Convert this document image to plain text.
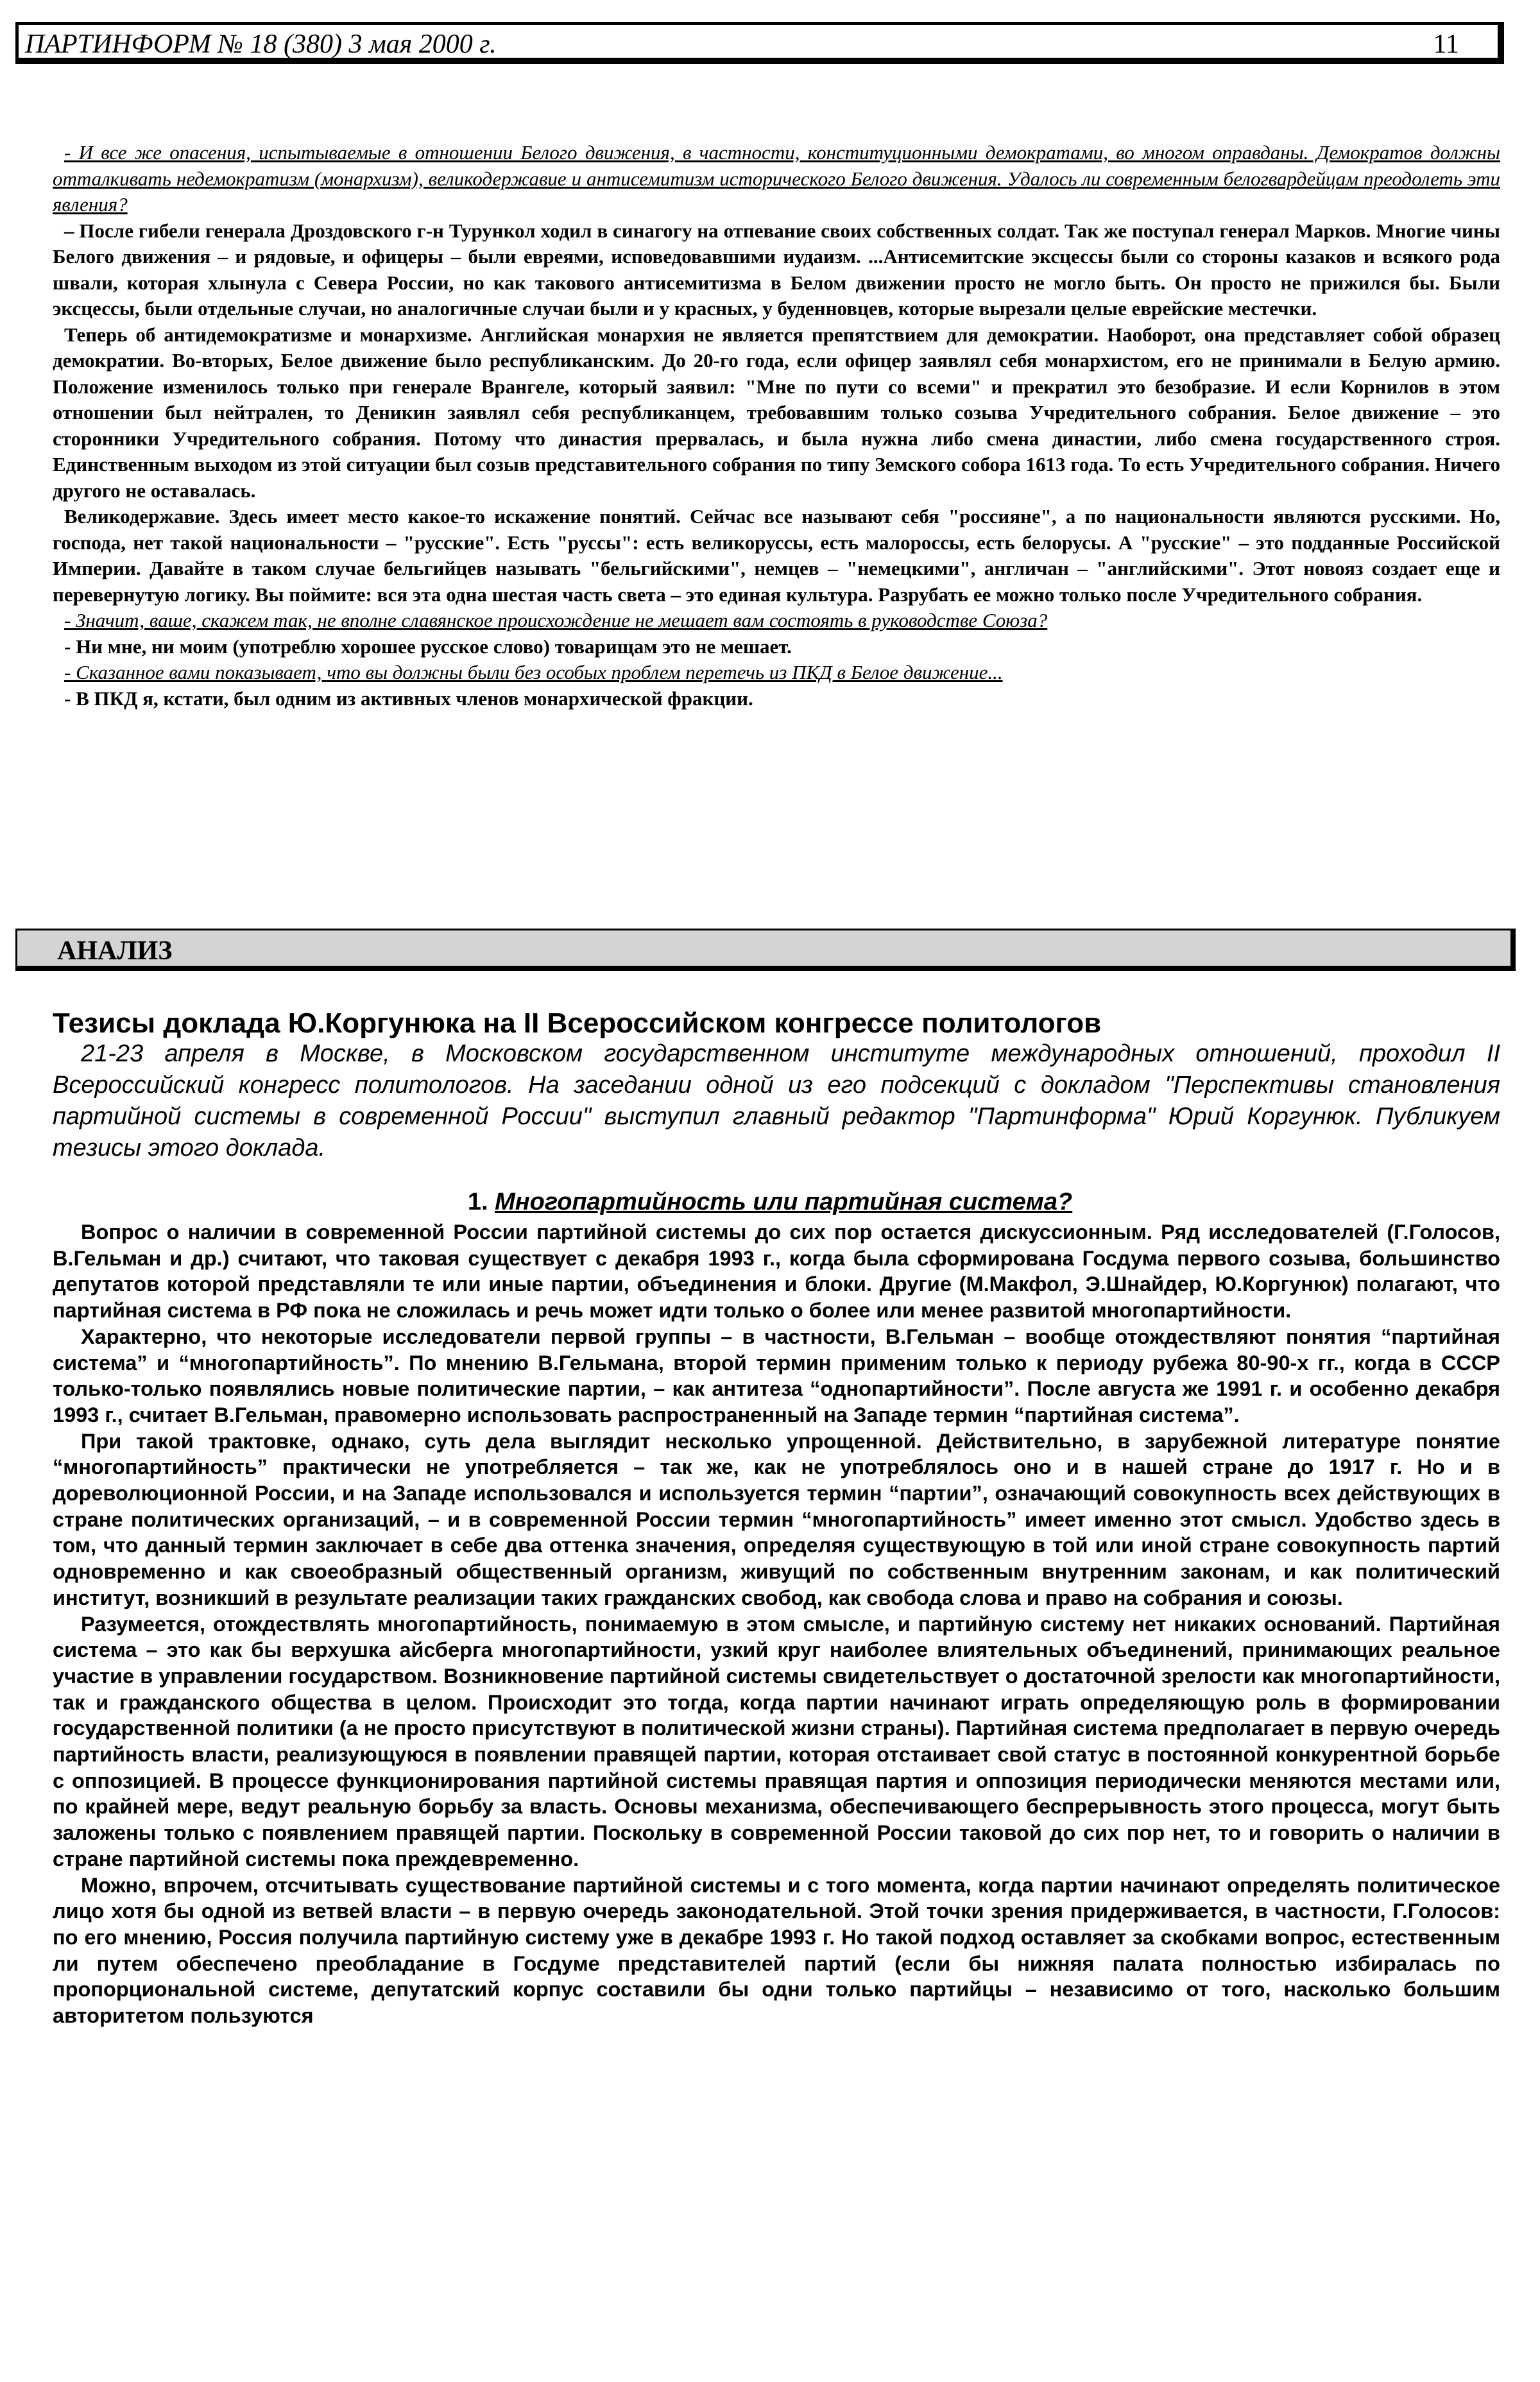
ПАРТИНФОРМ № 18 (380) 3 мая 2000 г.	11

- И все же опасения, испытываемые в отношении Белого движения, в частности, конституционными демократами, во многом оправданы. Демократов должны отталкивать недемократизм (монархизм), великодержавие и антисемитизм исторического Белого движения. Удалось ли современным белогвардейцам преодолеть эти явления?

– После гибели генерала Дроздовского г-н Турункол ходил в синагогу на отпевание своих собственных солдат. Так же поступал генерал Марков. Многие чины Белого движения – и рядовые, и офицеры – были евреями, исповедовавшими иудаизм. ...Антисемитские эксцессы были со стороны казаков и всякого рода швали, которая хлынула с Севера России, но как такового антисемитизма в Белом движении просто не могло быть. Он просто не прижился бы. Были эксцессы, были отдельные случаи, но аналогичные случаи были и у красных, у буденновцев, которые вырезали целые еврейские местечки.

Теперь об антидемократизме и монархизме. Английская монархия не является препятствием для демократии. Наоборот, она представляет собой образец демократии. Во-вторых, Белое движение было республиканским. До 20-го года, если офицер заявлял себя монархистом, его не принимали в Белую армию. Положение изменилось только при генерале Врангеле, который заявил: "Мне по пути со всеми" и прекратил это безобразие. И если Корнилов в этом отношении был нейтрален, то Деникин заявлял себя республиканцем, требовавшим только созыва Учредительного собрания. Белое движение – это сторонники Учредительного собрания. Потому что династия прервалась, и была нужна либо смена династии, либо смена государственного строя. Единственным выходом из этой ситуации был созыв представительного собрания по типу Земского собора 1613 года. То есть Учредительного собрания. Ничего другого не оставалась.

Великодержавие. Здесь имеет место какое-то искажение понятий. Сейчас все называют себя "россияне", а по национальности являются русскими. Но, господа, нет такой национальности – "русские". Есть "руссы": есть великоруссы, есть малороссы, есть белорусы. А "русские" – это подданные Российской Империи. Давайте в таком случае бельгийцев называть "бельгийскими", немцев – "немецкими", англичан – "английскими". Этот новояз создает еще и перевернутую логику. Вы поймите: вся эта одна шестая часть света – это единая культура. Разрубать ее можно только после Учредительного собрания.

- Значит, ваше, скажем так, не вполне славянское происхождение не мешает вам состоять в руководстве Союза?

- Ни мне, ни моим (употреблю хорошее русское слово) товарищам это не мешает.

- Сказанное вами показывает, что вы должны были без особых проблем перетечь из ПКД в Белое движение...

- В ПКД я, кстати, был одним из активных членов монархической фракции.

АНАЛИЗ
Тезисы доклада Ю.Коргунюка на II Всероссийском конгрессе политологов

21-23 апреля в Москве, в Московском государственном институте международных отношений, проходил II Всероссийский конгресс политологов. На заседании одной из его подсекций с докладом "Перспективы становления партийной системы в современной России" выступил главный редактор "Партинформа" Юрий Коргунюк. Публикуем тезисы этого доклада.

1. Многопартийность или партийная система?

Вопрос о наличии в современной России партийной системы до сих пор остается дискуссионным. Ряд исследователей (Г.Голосов, В.Гельман и др.) считают, что таковая существует с декабря 1993 г., когда была сформирована Госдума первого созыва, большинство депутатов которой представляли те или иные партии, объединения и блоки. Другие (М.Макфол, Э.Шнайдер, Ю.Коргунюк) полагают, что партийная система в РФ пока не сложилась и речь может идти только о более или менее развитой многопартийности.

Характерно, что некоторые исследователи первой группы – в частности, В.Гельман – вообще отождествляют понятия “партийная система” и “многопартийность”. По мнению В.Гельмана, второй термин применим только к периоду рубежа 80-90-х гг., когда в СССР только-только появлялись новые политические партии, – как антитеза “однопартийности”. После августа же 1991 г. и особенно декабря 1993 г., считает В.Гельман, правомерно использовать распространенный на Западе термин “партийная система”.

При такой трактовке, однако, суть дела выглядит несколько упрощенной. Действительно, в зарубежной литературе понятие “многопартийность” практически не употребляется – так же, как не употреблялось оно и в нашей стране до 1917 г. Но и в дореволюционной России, и на Западе использовался и используется термин “партии”, означающий совокупность всех действующих в стране политических организаций, – и в современной России термин “многопартийность” имеет именно этот смысл. Удобство здесь в том, что данный термин заключает в себе два оттенка значения, определяя существующую в той или иной стране совокупность партий одновременно и как своеобразный общественный организм, живущий по собственным внутренним законам, и как политический институт, возникший в результате реализации таких гражданских свобод, как свобода слова и право на собрания и союзы.

Разумеется, отождествлять многопартийность, понимаемую в этом смысле, и партийную систему нет никаких оснований. Партийная система – это как бы верхушка айсберга многопартийности, узкий круг наиболее влиятельных объединений, принимающих реальное участие в управлении государством. Возникновение партийной системы свидетельствует о достаточной зрелости как многопартийности, так и гражданского общества в целом. Происходит это тогда, когда партии начинают играть определяющую роль в формировании государственной политики (а не просто присутствуют в политической жизни страны). Партийная система предполагает в первую очередь партийность власти, реализующуюся в появлении правящей партии, которая отстаивает свой статус в постоянной конкурентной борьбе с оппозицией. В процессе функционирования партийной системы правящая партия и оппозиция периодически меняются местами или, по крайней мере, ведут реальную борьбу за власть. Основы механизма, обеспечивающего беспрерывность этого процесса, могут быть заложены только с появлением правящей партии. Поскольку в современной России таковой до сих пор нет, то и говорить о наличии в стране партийной системы пока преждевременно.

Можно, впрочем, отсчитывать существование партийной системы и с того момента, когда партии начинают определять политическое лицо хотя бы одной из ветвей власти – в первую очередь законодательной. Этой точки зрения придерживается, в частности, Г.Голосов: по его мнению, Россия получила партийную систему уже в декабре 1993 г. Но такой подход оставляет за скобками вопрос, естественным ли путем обеспечено преобладание в Госдуме представителей партий (если бы нижняя палата полностью избиралась по пропорциональной системе, депутатский корпус составили бы одни только партийцы – независимо от того, насколько большим авторитетом пользуются
